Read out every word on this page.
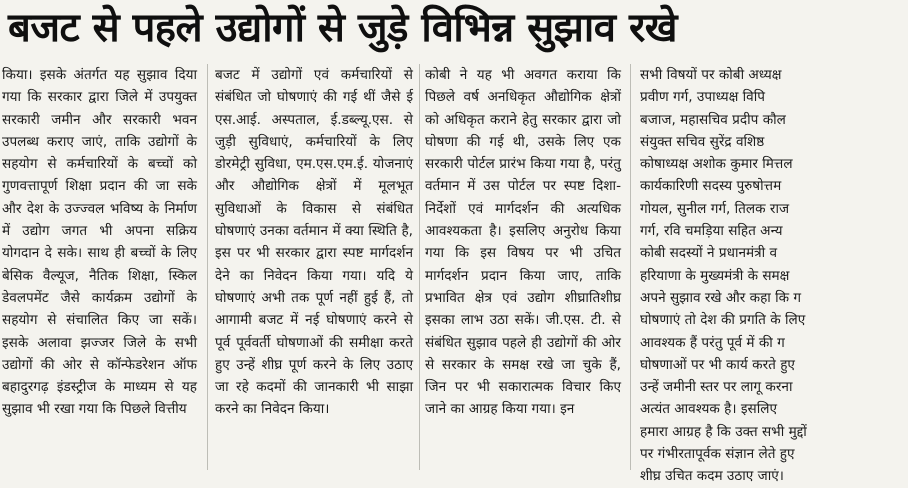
बजट से पहले उद्योगों से जुड़े विभिन्न सुझाव रखे

किया। इसके अंतर्गत यह सुझाव दिया गया कि सरकार द्वारा जिले में उपयुक्त सरकारी जमीन और सरकारी भवन उपलब्ध कराए जाएं, ताकि उद्योगों के सहयोग से कर्मचारियों के बच्चों को गुणवत्तापूर्ण शिक्षा प्रदान की जा सके और देश के उज्ज्वल भविष्य के निर्माण में उद्योग जगत भी अपना सक्रिय योगदान दे सके। साथ ही बच्चों के लिए बेसिक वैल्यूज, नैतिक शिक्षा, स्किल डेवलपमेंट जैसे कार्यक्रम उद्योगों के सहयोग से संचालित किए जा सकें। इसके अलावा झज्जर जिले के सभी उद्योगों की ओर से कॉन्फेडरेशन ऑफ बहादुरगढ़ इंडस्ट्रीज के माध्यम से यह सुझाव भी रखा गया कि पिछले वित्तीय

बजट में उद्योगों एवं कर्मचारियों से संबंधित जो घोषणाएं की गई थीं जैसे ई एस.आई. अस्पताल, ई.डब्ल्यू.एस. से जुड़ी सुविधाएं, कर्मचारियों के लिए डोरमेट्री सुविधा, एम.एस.एम.ई. योजनाएं और औद्योगिक क्षेत्रों में मूलभूत सुविधाओं के विकास से संबंधित घोषणाएं उनका वर्तमान में क्या स्थिति है, इस पर भी सरकार द्वारा स्पष्ट मार्गदर्शन देने का निवेदन किया गया। यदि ये घोषणाएं अभी तक पूर्ण नहीं हुई हैं, तो आगामी बजट में नई घोषणाएं करने से पूर्व पूर्ववर्ती घोषणाओं की समीक्षा करते हुए उन्हें शीघ्र पूर्ण करने के लिए उठाए जा रहे कदमों की जानकारी भी साझा करने का निवेदन किया।

कोबी ने यह भी अवगत कराया कि पिछले वर्ष अनधिकृत औद्योगिक क्षेत्रों को अधिकृत कराने हेतु सरकार द्वारा जो घोषणा की गई थी, उसके लिए एक सरकारी पोर्टल प्रारंभ किया गया है, परंतु वर्तमान में उस पोर्टल पर स्पष्ट दिशा-निर्देशों एवं मार्गदर्शन की अत्यधिक आवश्यकता है। इसलिए अनुरोध किया गया कि इस विषय पर भी उचित मार्गदर्शन प्रदान किया जाए, ताकि प्रभावित क्षेत्र एवं उद्योग शीघ्रातिशीघ्र इसका लाभ उठा सकें। जी.एस. टी. से संबंधित सुझाव पहले ही उद्योगों की ओर से सरकार के समक्ष रखे जा चुके हैं, जिन पर भी सकारात्मक विचार किए जाने का आग्रह किया गया। इन

सभी विषयों पर कोबी अध्यक्ष
प्रवीण गर्ग, उपाध्यक्ष विपि
बजाज, महासचिव प्रदीप कौल
संयुक्त सचिव सुरेंद्र वशिष्ठ
कोषाध्यक्ष अशोक कुमार मित्तल
कार्यकारिणी सदस्य पुरुषोत्तम
गोयल, सुनील गर्ग, तिलक राज
गर्ग, रवि चमड़िया सहित अन्य
कोबी सदस्यों ने प्रधानमंत्री व
हरियाणा के मुख्यमंत्री के समक्ष
अपने सुझाव रखे और कहा कि ग
घोषणाएं तो देश की प्रगति के लिए
आवश्यक हैं परंतु पूर्व में की ग
घोषणाओं पर भी कार्य करते हुए
उन्हें जमीनी स्तर पर लागू करना
अत्यंत आवश्यक है। इसलिए
हमारा आग्रह है कि उक्त सभी मुद्दों
पर गंभीरतापूर्वक संज्ञान लेते हुए
शीघ्र उचित कदम उठाए जाएं।
